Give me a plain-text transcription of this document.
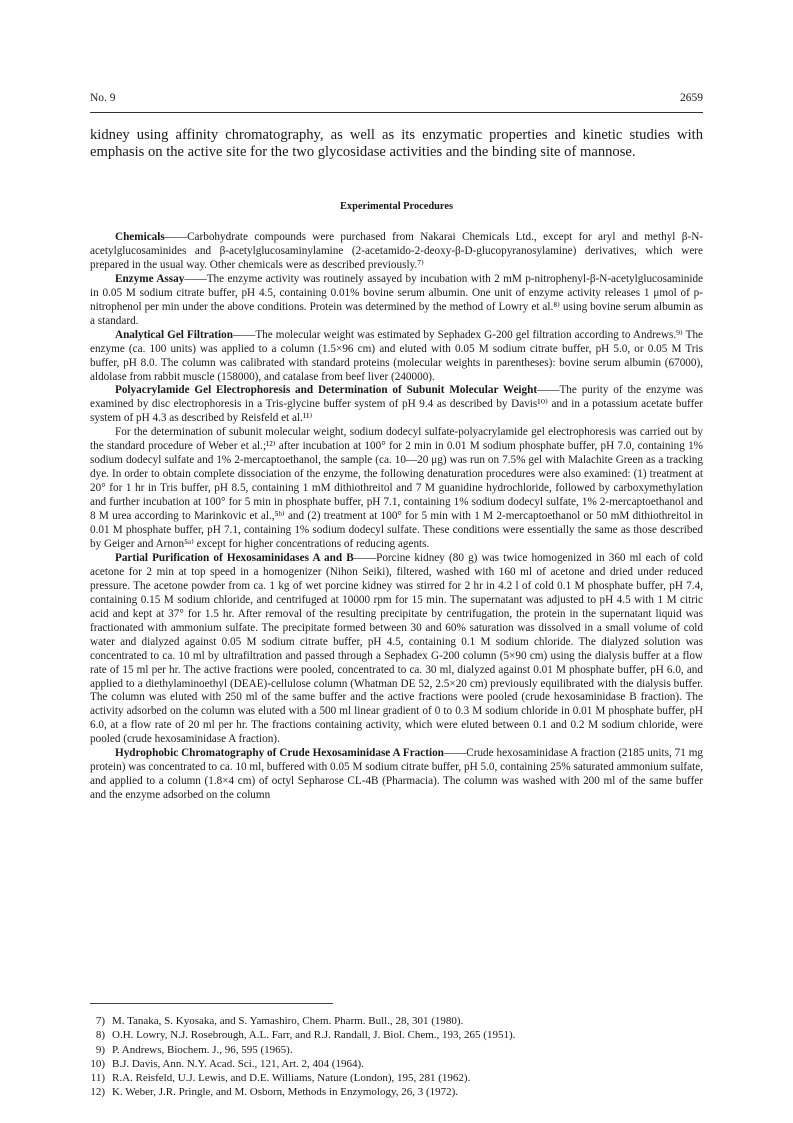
No. 9	2659
kidney using affinity chromatography, as well as its enzymatic properties and kinetic studies with emphasis on the active site for the two glycosidase activities and the binding site of mannose.
Experimental Procedures

Chemicals——Carbohydrate compounds were purchased from Nakarai Chemicals Ltd., except for aryl and methyl β-N-acetylglucosaminides and β-acetylglucosaminylamine (2-acetamido-2-deoxy-β-D-glucopyranosylamine) derivatives, which were prepared in the usual way. Other chemicals were as described previously.⁷⁾

Enzyme Assay——The enzyme activity was routinely assayed by incubation with 2 mM p-nitrophenyl-β-N-acetylglucosaminide in 0.05 M sodium citrate buffer, pH 4.5, containing 0.01% bovine serum albumin. One unit of enzyme activity releases 1 μmol of p-nitrophenol per min under the above conditions. Protein was determined by the method of Lowry et al.⁸⁾ using bovine serum albumin as a standard.

Analytical Gel Filtration——The molecular weight was estimated by Sephadex G-200 gel filtration according to Andrews.⁹⁾ The enzyme (ca. 100 units) was applied to a column (1.5×96 cm) and eluted with 0.05 M sodium citrate buffer, pH 5.0, or 0.05 M Tris buffer, pH 8.0. The column was calibrated with standard proteins (molecular weights in parentheses): bovine serum albumin (67000), aldolase from rabbit muscle (158000), and catalase from beef liver (240000).

Polyacrylamide Gel Electrophoresis and Determination of Subunit Molecular Weight——The purity of the enzyme was examined by disc electrophoresis in a Tris-glycine buffer system of pH 9.4 as described by Davis¹⁰⁾ and in a potassium acetate buffer system of pH 4.3 as described by Reisfeld et al.¹¹⁾

For the determination of subunit molecular weight, sodium dodecyl sulfate-polyacrylamide gel electrophoresis was carried out by the standard procedure of Weber et al.;¹²⁾ after incubation at 100° for 2 min in 0.01 M sodium phosphate buffer, pH 7.0, containing 1% sodium dodecyl sulfate and 1% 2-mercaptoethanol, the sample (ca. 10—20 μg) was run on 7.5% gel with Malachite Green as a tracking dye. In order to obtain complete dissociation of the enzyme, the following denaturation procedures were also examined: (1) treatment at 20° for 1 hr in Tris buffer, pH 8.5, containing 1 mM dithiothreitol and 7 M guanidine hydrochloride, followed by carboxymethylation and further incubation at 100° for 5 min in phosphate buffer, pH 7.1, containing 1% sodium dodecyl sulfate, 1% 2-mercaptoethanol and 8 M urea according to Marinkovic et al.,⁵ᵇ⁾ and (2) treatment at 100° for 5 min with 1 M 2-mercaptoethanol or 50 mM dithiothreitol in 0.01 M phosphate buffer, pH 7.1, containing 1% sodium dodecyl sulfate. These conditions were essentially the same as those described by Geiger and Arnon⁵ᵃ⁾ except for higher concentrations of reducing agents.

Partial Purification of Hexosaminidases A and B——Porcine kidney (80 g) was twice homogenized in 360 ml each of cold acetone for 2 min at top speed in a homogenizer (Nihon Seiki), filtered, washed with 160 ml of acetone and dried under reduced pressure. The acetone powder from ca. 1 kg of wet porcine kidney was stirred for 2 hr in 4.2 l of cold 0.1 M phosphate buffer, pH 7.4, containing 0.15 M sodium chloride, and centrifuged at 10000 rpm for 15 min. The supernatant was adjusted to pH 4.5 with 1 M citric acid and kept at 37° for 1.5 hr. After removal of the resulting precipitate by centrifugation, the protein in the supernatant liquid was fractionated with ammonium sulfate. The precipitate formed between 30 and 60% saturation was dissolved in a small volume of cold water and dialyzed against 0.05 M sodium citrate buffer, pH 4.5, containing 0.1 M sodium chloride. The dialyzed solution was concentrated to ca. 10 ml by ultrafiltration and passed through a Sephadex G-200 column (5×90 cm) using the dialysis buffer at a flow rate of 15 ml per hr. The active fractions were pooled, concentrated to ca. 30 ml, dialyzed against 0.01 M phosphate buffer, pH 6.0, and applied to a diethylaminoethyl (DEAE)-cellulose column (Whatman DE 52, 2.5×20 cm) previously equilibrated with the dialysis buffer. The column was eluted with 250 ml of the same buffer and the active fractions were pooled (crude hexosaminidase B fraction). The activity adsorbed on the column was eluted with a 500 ml linear gradient of 0 to 0.3 M sodium chloride in 0.01 M phosphate buffer, pH 6.0, at a flow rate of 20 ml per hr. The fractions containing activity, which were eluted between 0.1 and 0.2 M sodium chloride, were pooled (crude hexosaminidase A fraction).

Hydrophobic Chromatography of Crude Hexosaminidase A Fraction——Crude hexosaminidase A fraction (2185 units, 71 mg protein) was concentrated to ca. 10 ml, buffered with 0.05 M sodium citrate buffer, pH 5.0, containing 25% saturated ammonium sulfate, and applied to a column (1.8×4 cm) of octyl Sepharose CL-4B (Pharmacia). The column was washed with 200 ml of the same buffer and the enzyme adsorbed on the column

7) M. Tanaka, S. Kyosaka, and S. Yamashiro, Chem. Pharm. Bull., 28, 301 (1980).
8) O.H. Lowry, N.J. Rosebrough, A.L. Farr, and R.J. Randall, J. Biol. Chem., 193, 265 (1951).
9) P. Andrews, Biochem. J., 96, 595 (1965).
10) B.J. Davis, Ann. N.Y. Acad. Sci., 121, Art. 2, 404 (1964).
11) R.A. Reisfeld, U.J. Lewis, and D.E. Williams, Nature (London), 195, 281 (1962).
12) K. Weber, J.R. Pringle, and M. Osborn, Methods in Enzymology, 26, 3 (1972).
